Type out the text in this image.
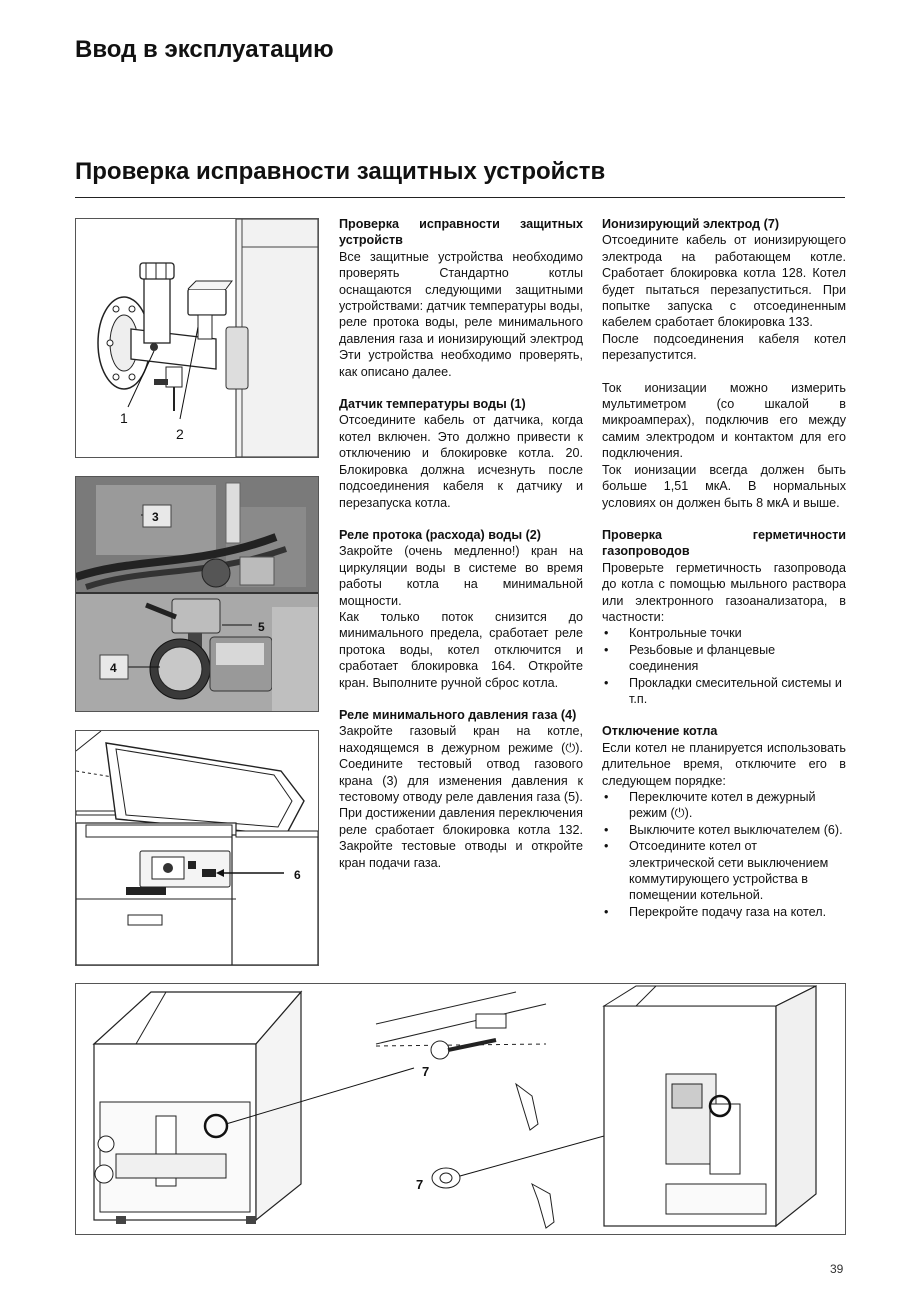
Ввод в эксплуатацию
Проверка исправности защитных устройств
1
2
3
5
4
6
Проверка исправности защитных устройств

Все защитные устройства необходимо проверять Стандартно котлы оснащаются следующими защитными устройствами: датчик температуры воды, реле протока воды, реле минимального давления газа и ионизирующий электрод Эти устройства необходимо проверять, как описано далее.

Датчик температуры воды (1)

Отсоедините кабель от датчика, когда котел включен. Это должно привести к отключению и блокировке котла. 20. Блокировка должна исчезнуть после подсоединения кабеля к датчику и перезапуска котла.

Реле протока (расхода) воды (2)

Закройте (очень медленно!) кран на циркуляции воды в системе во время работы котла на минимальной мощности.

Как только поток снизится до минимального предела, сработает реле протока воды, котел отключится и сработает блокировка 164. Откройте кран. Выполните ручной сброс котла.

Реле минимального давления газа (4)

Закройте газовый кран на котле, находящемся в дежурном режиме (⏻). Соедините тестовый отвод газового крана (3) для изменения давления к тестовому отводу реле давления газа (5).

При достижении давления переключения реле сработает блокировка котла 132. Закройте тестовые отводы и откройте кран подачи газа.

Ионизирующий электрод (7)

Отсоедините кабель от ионизирующего электрода на работающем котле. Сработает блокировка котла 128. Котел будет пытаться перезапуститься. При попытке запуска с отсоединенным кабелем сработает блокировка 133.

После подсоединения кабеля котел перезапустится.

Ток ионизации можно измерить мультиметром (со шкалой в микроамперах), подключив его между самим электродом и контактом для его подключения.

Ток ионизации всегда должен быть больше 1,51 мкА. В нормальных условиях он должен быть 8 мкА и выше.

Проверка герметичности газопроводов

Проверьте герметичность газопровода до котла с помощью мыльного раствора или электронного газоанализатора, в частности:

• Контрольные точки
• Резьбовые и фланцевые соединения
• Прокладки смесительной системы и т.п.
Отключение котла

Если котел не планируется использовать длительное время, отключите его в следующем порядке:

• Переключите котел в дежурный режим (⏻).
• Выключите котел выключателем (6).
• Отсоедините котел от электрической сети выключением коммутирующего устройства в помещении котельной.
• Перекройте подачу газа на котел.
7
7
39
